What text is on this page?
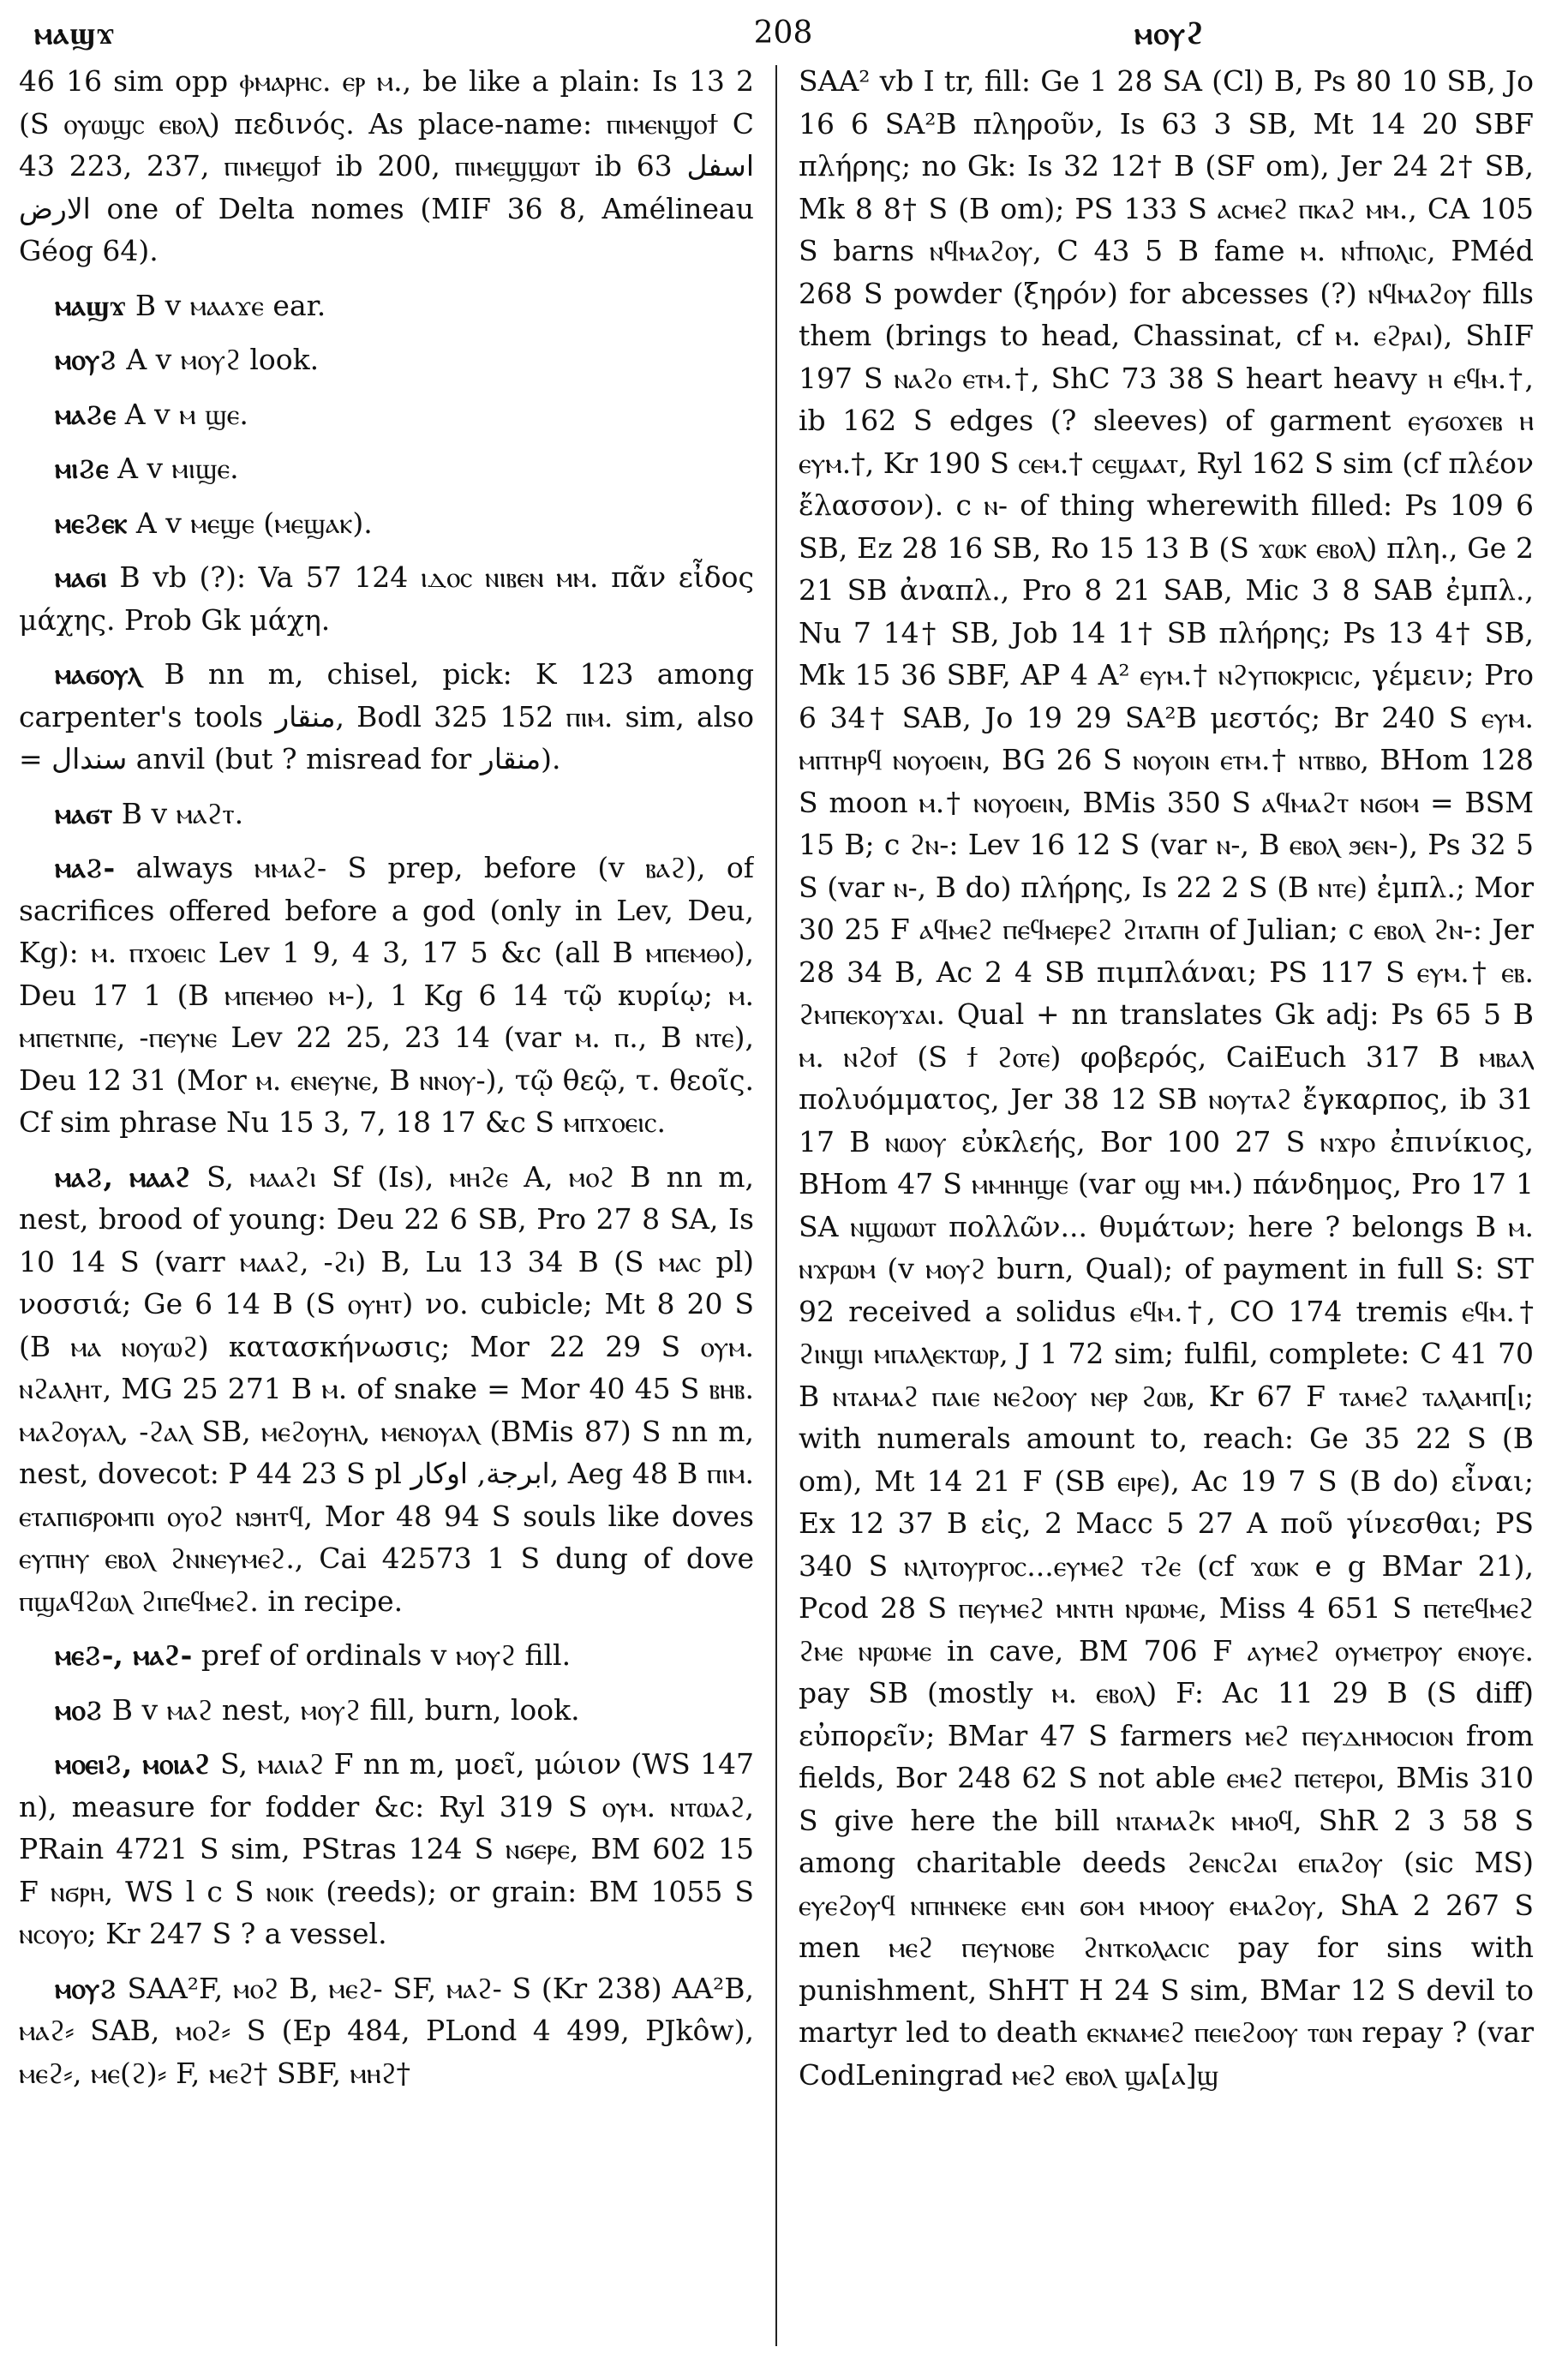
ⲙⲁϣϫ	208	ⲙⲟⲩϩ

46 16 sim opp ⲫⲙⲁⲣⲏⲥ. ⲉⲣ ⲙ., be like a plain: Is 13 2 (S ⲟⲩⲱϣⲥ ⲉⲃⲟⲗ) πεδινός. As place-name: ⲡⲓⲙⲉⲛϣⲟϯ C 43 223, 237, ⲡⲓⲙⲉϣⲟϯ ib 200, ⲡⲓⲙⲉϣϣⲱⲧ ib 63 اسفل الارض one of Delta nomes (MIF 36 8, Amélineau Géog 64).

ⲙⲁϣϫ B v ⲙⲁⲁϫⲉ ear.

ⲙⲟⲩϨ A v ⲙⲟⲩϩ look.

ⲙⲁϨⲉ A v ⲙ ϣⲉ.

ⲙⲓϨⲉ A v ⲙⲓϣⲉ.

ⲙⲉϨⲉⲕ A v ⲙⲉϣⲉ (ⲙⲉϣⲁⲕ).

ⲙⲁϭⲓ B vb (?): Va 57 124 ⲓⲇⲟⲥ ⲛⲓⲃⲉⲛ ⲙⲙ. πᾶν εἶδος μάχης. Prob Gk μάχη.

ⲙⲁϭⲟⲩⲗ B nn m, chisel, pick: K 123 among carpenter's tools منقار, Bodl 325 152 ⲡⲓⲙ. sim, also = سندال anvil (but ? misread for منقار).

ⲙⲁϭⲧ B v ⲙⲁϩⲧ.

ⲙⲁϨ- always ⲙⲙⲁϩ- S prep, before (v ⲃⲁϩ), of sacrifices offered before a god (only in Lev, Deu, Kg): ⲙ. ⲡϫⲟⲉⲓⲥ Lev 1 9, 4 3, 17 5 &c (all B ⲙⲡⲉⲙⲑⲟ), Deu 17 1 (B ⲙⲡⲉⲙⲑⲟ ⲙ-), 1 Kg 6 14 τῷ κυρίῳ; ⲙ. ⲙⲡⲉⲧⲛⲡⲉ, -ⲡⲉⲩⲛⲉ Lev 22 25, 23 14 (var ⲙ. ⲡ., B ⲛⲧⲉ), Deu 12 31 (Mor ⲙ. ⲉⲛⲉⲩⲛⲉ, B ⲛⲛⲟⲩ-), τῷ θεῷ, τ. θεοῖς. Cf sim phrase Nu 15 3, 7, 18 17 &c S ⲙⲡϫⲟⲉⲓⲥ.

ⲙⲁϨ, ⲙⲁⲁϩ S, ⲙⲁⲁϩⲓ Sf (Is), ⲙⲏϩⲉ A, ⲙⲟϩ B nn m, nest, brood of young: Deu 22 6 SB, Pro 27 8 SA, Is 10 14 S (varr ⲙⲁⲁϩ, -ϩⲓ) B, Lu 13 34 B (S ⲙⲁⲥ pl) νοσσιά; Ge 6 14 B (S ⲟⲩⲏⲧ) νο. cubicle; Mt 8 20 S (B ⲙⲁ ⲛⲟⲩⲱϩ) κατασκήνωσις; Mor 22 29 S ⲟⲩⲙ. ⲛϩⲁⲗⲏⲧ, MG 25 271 B ⲙ. of snake = Mor 40 45 S ⲃⲏⲃ. ⲙⲁϩⲟⲩⲁⲗ, -ϩⲁⲗ SB, ⲙⲉϩⲟⲩⲏⲗ, ⲙⲉⲛⲟⲩⲁⲗ (BMis 87) S nn m, nest, dovecot: P 44 23 S pl ابرجة, اوكار, Aeg 48 B ⲡⲓⲙ. ⲉⲧⲁⲡⲓϭⲣⲟⲙⲡⲓ ⲟⲩⲟϩ ⲛϧⲏⲧϥ, Mor 48 94 S souls like doves ⲉⲩⲡⲏⲩ ⲉⲃⲟⲗ ϩⲛⲛⲉⲩⲙⲉϩ., Cai 42573 1 S dung of dove ⲡϣⲁϥϩⲱⲗ ϩⲓⲡⲉϥⲙⲉϩ. in recipe.

ⲙⲉϨ-, ⲙⲁϩ- pref of ordinals v ⲙⲟⲩϩ fill.

ⲙⲟϨ B v ⲙⲁϩ nest, ⲙⲟⲩϩ fill, burn, look.

ⲙⲟⲉⲓϨ, ⲙⲟⲓⲁϩ S, ⲙⲁⲓⲁϩ F nn m, μοεῖ, μώιον (WS 147 n), measure for fodder &c: Ryl 319 S ⲟⲩⲙ. ⲛⲧⲱⲁϩ, PRain 4721 S sim, PStras 124 S ⲛϭⲉⲣⲉ, BM 602 15 F ⲛϭⲣⲏ, WS l c S ⲛⲟⲓⲕ (reeds); or grain: BM 1055 S ⲛⲥⲟⲩⲟ; Kr 247 S ? a vessel.

ⲙⲟⲩϨ SAA²F, ⲙⲟϩ B, ⲙⲉϩ- SF, ⲙⲁϩ- S (Kr 238) AA²B, ⲙⲁϩ⸗ SAB, ⲙⲟϩ⸗ S (Ep 484, PLond 4 499, PJkôw), ⲙⲉϩ⸗, ⲙⲉ(ϩ)⸗ F, ⲙⲉϩ† SBF, ⲙⲏϩ†

SAA² vb I tr, fill: Ge 1 28 SA (Cl) B, Ps 80 10 SB, Jo 16 6 SA²B πληροῦν, Is 63 3 SB, Mt 14 20 SBF πλήρης; no Gk: Is 32 12† B (SF om), Jer 24 2† SB, Mk 8 8† S (B om); PS 133 S ⲁⲥⲙⲉϩ ⲡⲕⲁϩ ⲙⲙ., CA 105 S barns ⲛϥⲙⲁϩⲟⲩ, C 43 5 B fame ⲙ. ⲛϯⲡⲟⲗⲓⲥ, PMéd 268 S powder (ξηρόν) for abcesses (?) ⲛϥⲙⲁϩⲟⲩ fills them (brings to head, Chassinat, cf ⲙ. ⲉϩⲣⲁⲓ), ShIF 197 S ⲛⲁϩⲟ ⲉⲧⲙ.†, ShC 73 38 S heart heavy ⲏ ⲉϥⲙ.†, ib 162 S edges (? sleeves) of garment ⲉⲩϭⲟϫⲉⲃ ⲏ ⲉⲩⲙ.†, Kr 190 S ⲥⲉⲙ.† ⲥⲉϣⲁⲁⲧ, Ryl 162 S sim (cf πλέον ἔλασσον). c ⲛ- of thing wherewith filled: Ps 109 6 SB, Ez 28 16 SB, Ro 15 13 B (S ϫⲱⲕ ⲉⲃⲟⲗ) πλη., Ge 2 21 SB ἀναπλ., Pro 8 21 SAB, Mic 3 8 SAB ἐμπλ., Nu 7 14† SB, Job 14 1† SB πλήρης; Ps 13 4† SB, Mk 15 36 SBF, AP 4 A² ⲉⲩⲙ.† ⲛϩⲩⲡⲟⲕⲣⲓⲥⲓⲥ, γέμειν; Pro 6 34† SAB, Jo 19 29 SA²B μεστός; Br 240 S ⲉⲩⲙ. ⲙⲡⲧⲏⲣϥ ⲛⲟⲩⲟⲉⲓⲛ, BG 26 S ⲛⲟⲩⲟⲓⲛ ⲉⲧⲙ.† ⲛⲧⲃⲃⲟ, BHom 128 S moon ⲙ.† ⲛⲟⲩⲟⲉⲓⲛ, BMis 350 S ⲁϥⲙⲁϩⲧ ⲛϭⲟⲙ = BSM 15 B; c ϩⲛ-: Lev 16 12 S (var ⲛ-, B ⲉⲃⲟⲗ ϧⲉⲛ-), Ps 32 5 S (var ⲛ-, B do) πλήρης, Is 22 2 S (B ⲛⲧⲉ) ἐμπλ.; Mor 30 25 F ⲁϥⲙⲉϩ ⲡⲉϥⲙⲉⲣⲉϩ ϩⲓⲧⲁⲡⲏ of Julian; c ⲉⲃⲟⲗ ϩⲛ-: Jer 28 34 B, Ac 2 4 SB πιμπλάναι; PS 117 S ⲉⲩⲙ.† ⲉⲃ. ϩⲙⲡⲉⲕⲟⲩϫⲁⲓ. Qual + nn translates Gk adj: Ps 65 5 B ⲙ. ⲛϩⲟϯ (S ϯ ϩⲟⲧⲉ) φοβερός, CaiEuch 317 B ⲙⲃⲁⲗ πολυόμματος, Jer 38 12 SB ⲛⲟⲩⲧⲁϩ ἔγκαρπος, ib 31 17 B ⲛⲱⲟⲩ εὐκλεής, Bor 100 27 S ⲛϫⲣⲟ ἐπινίκιος, BHom 47 S ⲙⲙⲏⲏϣⲉ (var ⲟϣ ⲙⲙ.) πάνδημος, Pro 17 1 SA ⲛϣⲱⲱⲧ πολλῶν... θυμάτων; here ? belongs B ⲙ. ⲛϫⲣⲱⲙ (v ⲙⲟⲩϩ burn, Qual); of payment in full S: ST 92 received a solidus ⲉϥⲙ.†, CO 174 tremis ⲉϥⲙ.† ϩⲓⲛϣⲓ ⲙⲡⲁⲗⲉⲕⲧⲱⲣ, J 1 72 sim; fulfil, complete: C 41 70 B ⲛⲧⲁⲙⲁϩ ⲡⲁⲓⲉ ⲛⲉϩⲟⲟⲩ ⲛⲉⲣ ϩⲱⲃ, Kr 67 F ⲧⲁⲙⲉϩ ⲧⲁⲗⲁⲙⲡ[ⲓ; with numerals amount to, reach: Ge 35 22 S (B om), Mt 14 21 F (SB ⲉⲓⲣⲉ), Ac 19 7 S (B do) εἶναι; Ex 12 37 B εἰς, 2 Macc 5 27 A ποῦ γίνεσθαι; PS 340 S ⲛⲗⲓⲧⲟⲩⲣⲅⲟⲥ...ⲉⲩⲙⲉϩ ⲧϩⲉ (cf ϫⲱⲕ e g BMar 21), Pcod 28 S ⲡⲉⲩⲙⲉϩ ⲙⲛⲧⲏ ⲛⲣⲱⲙⲉ, Miss 4 651 S ⲡⲉⲧⲉϥⲙⲉϩ ϩⲙⲉ ⲛⲣⲱⲙⲉ in cave, BM 706 F ⲁⲩⲙⲉϩ ⲟⲩⲙⲉⲧⲣⲟⲩ ⲉⲛⲟⲩⲉ. pay SB (mostly ⲙ. ⲉⲃⲟⲗ) F: Ac 11 29 B (S diff) εὐπορεῖν; BMar 47 S farmers ⲙⲉϩ ⲡⲉⲩⲇⲏⲙⲟⲥⲓⲟⲛ from fields, Bor 248 62 S not able ⲉⲙⲉϩ ⲡⲉⲧⲉⲣⲟⲓ, BMis 310 S give here the bill ⲛⲧⲁⲙⲁϩⲕ ⲙⲙⲟϥ, ShR 2 3 58 S among charitable deeds ϩⲉⲛⲥϩⲁⲓ ⲉⲡⲁϩⲟⲩ (sic MS) ⲉⲩⲉϩⲟⲩϥ ⲛⲡⲏⲛⲉⲕⲉ ⲉⲙⲛ ϭⲟⲙ ⲙⲙⲟⲟⲩ ⲉⲙⲁϩⲟⲩ, ShA 2 267 S men ⲙⲉϩ ⲡⲉⲩⲛⲟⲃⲉ ϩⲛⲧⲕⲟⲗⲁⲥⲓⲥ pay for sins with punishment, ShHT H 24 S sim, BMar 12 S devil to martyr led to death ⲉⲕⲛⲁⲙⲉϩ ⲡⲉⲓⲉϩⲟⲟⲩ ⲧⲱⲛ repay ? (var CodLeningrad ⲙⲉϩ ⲉⲃⲟⲗ ϣⲁ[ⲁ]ϣ
